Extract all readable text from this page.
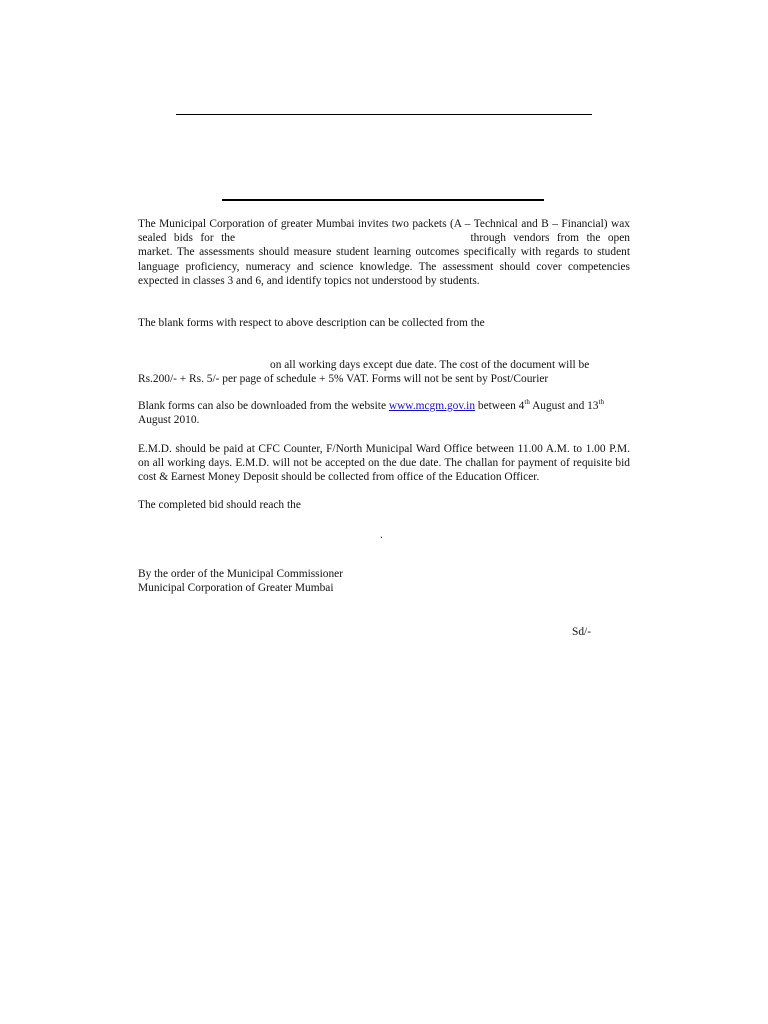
The Municipal Corporation of greater Mumbai invites two packets (A – Technical and B – Financial) wax sealed bids for the	through vendors from the open market. The assessments should measure student learning outcomes specifically with regards to student language proficiency, numeracy and science knowledge. The assessment should cover competencies expected in classes 3 and 6, and identify topics not understood by students.
The blank forms with respect to above description can be collected from the
on all working days except due date. The cost of the document will be
Rs.200/- + Rs. 5/- per page of schedule + 5% VAT. Forms will not be sent by Post/Courier
Blank forms can also be downloaded from the website www.mcgm.gov.in between 4th August and 13th
August 2010.
E.M.D. should be paid at CFC Counter, F/North Municipal Ward Office between 11.00 A.M. to 1.00 P.M. on all working days. E.M.D. will not be accepted on the due date. The challan for payment of requisite bid cost & Earnest Money Deposit should be collected from office of the Education Officer.
The completed bid should reach the
.
By the order of the Municipal Commissioner
Municipal Corporation of Greater Mumbai
Sd/-
